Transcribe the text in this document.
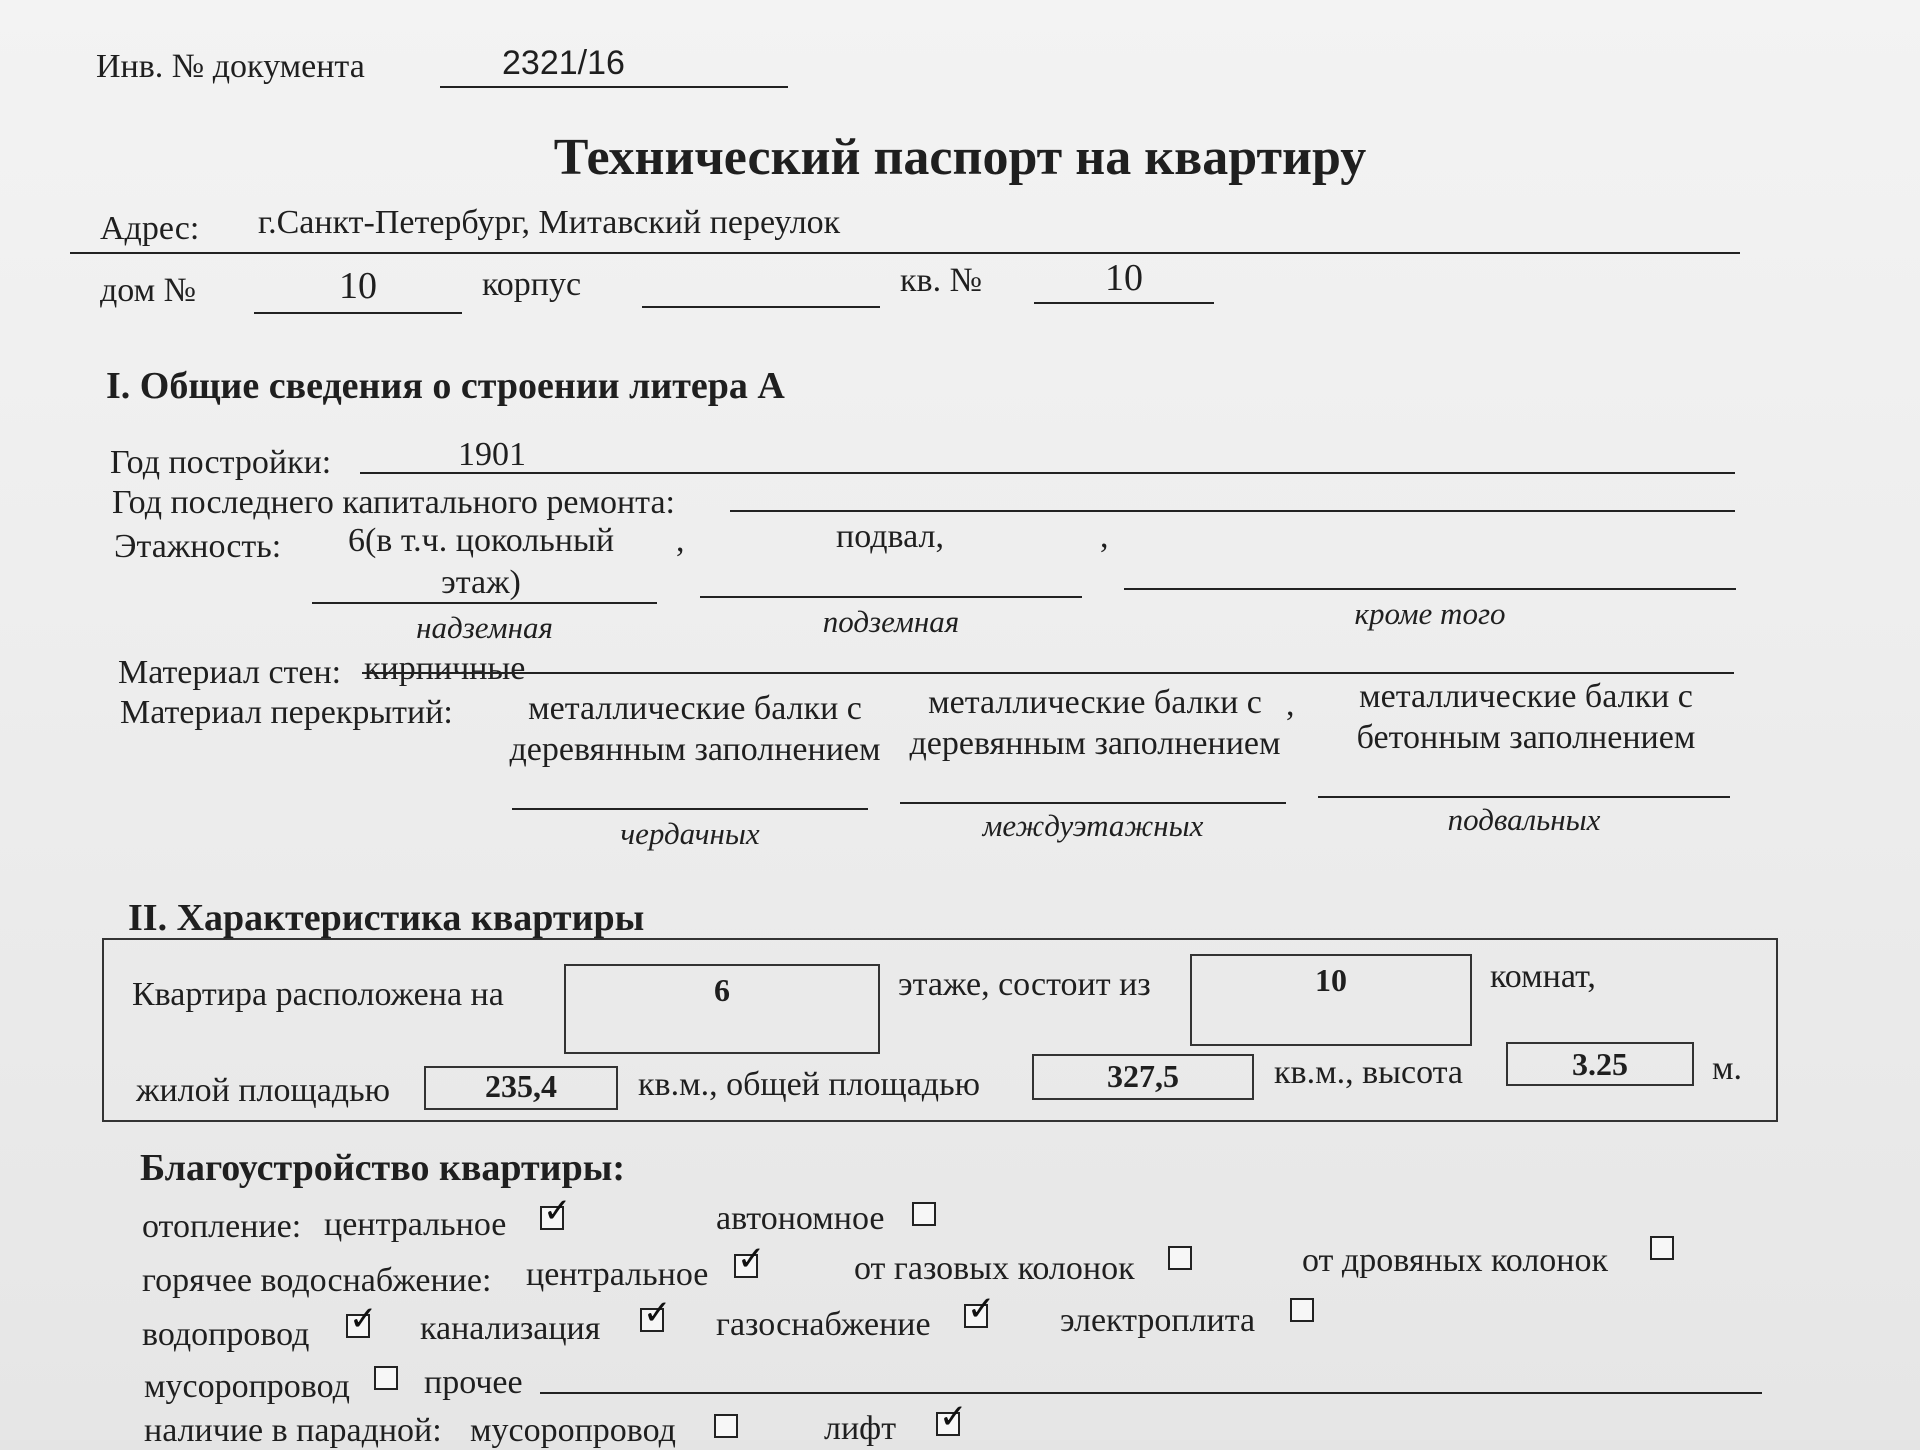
Инв. № документа	2321/16
Технический паспорт на квартиру
Адрес: г.Санкт-Петербург, Митавский переулок
дом №	10	корпус	кв. №	10
I. Общие сведения о строении литера А
Год постройки:	1901
Год последнего капитального ремонта:
Этажность:	6(в т.ч. цокольный этаж)
,	подвал,	,
надземная	подземная	кроме того
Материал стен: кирпичные
Материал перекрытий:	металлические балки с деревянным заполнением
металлические балки с деревянным заполнением
,	металлические балки с бетонным заполнением
чердачных	междуэтажных	подвальных
II. Характеристика квартиры
Квартира расположена на	6	этаже, состоит из	10	комнат,
жилой площадью	235,4	кв.м., общей площадью	327,5	кв.м., высота	3.25	м.
Благоустройство квартиры:
отопление: центральное ✓	автономное
горячее водоснабжение: центральное ✓	от газовых колонок	от дровяных колонок
водопровод ✓ канализация ✓ газоснабжение ✓ электроплита
мусоропровод прочее
наличие в парадной: мусоропровод	лифт ✓
